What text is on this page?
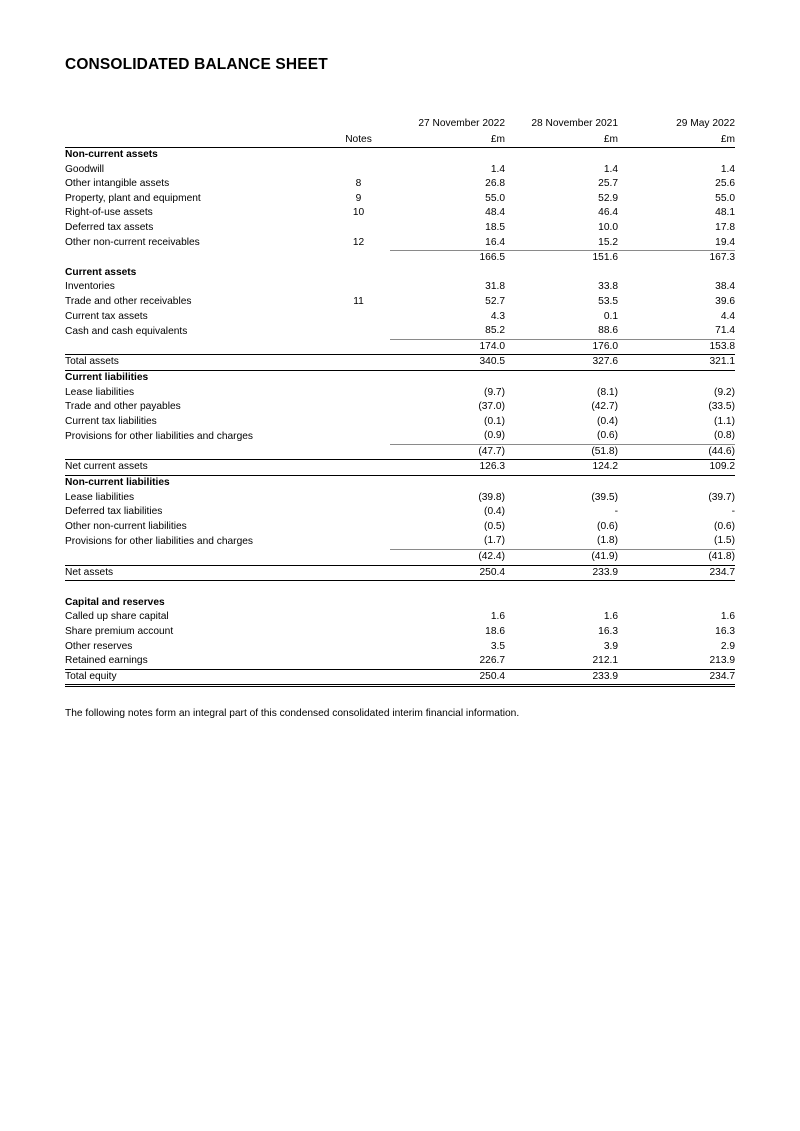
CONSOLIDATED BALANCE SHEET
		27 November 2022	28 November 2021	29 May 2022
	Notes	£m	£m	£m
Non-current assets				
Goodwill		1.4	1.4	1.4
Other intangible assets	8	26.8	25.7	25.6
Property, plant and equipment	9	55.0	52.9	55.0
Right-of-use assets	10	48.4	46.4	48.1
Deferred tax assets		18.5	10.0	17.8
Other non-current receivables	12	16.4	15.2	19.4
		166.5	151.6	167.3
Current assets				
Inventories		31.8	33.8	38.4
Trade and other receivables	11	52.7	53.5	39.6
Current tax assets		4.3	0.1	4.4
Cash and cash equivalents		85.2	88.6	71.4
		174.0	176.0	153.8
Total assets		340.5	327.6	321.1
Current liabilities				
Lease liabilities		(9.7)	(8.1)	(9.2)
Trade and other payables		(37.0)	(42.7)	(33.5)
Current tax liabilities		(0.1)	(0.4)	(1.1)
Provisions for other liabilities and charges		(0.9)	(0.6)	(0.8)
		(47.7)	(51.8)	(44.6)
Net current assets		126.3	124.2	109.2
Non-current liabilities				
Lease liabilities		(39.8)	(39.5)	(39.7)
Deferred tax liabilities		(0.4)	-	-
Other non-current liabilities		(0.5)	(0.6)	(0.6)
Provisions for other liabilities and charges		(1.7)	(1.8)	(1.5)
		(42.4)	(41.9)	(41.8)
Net assets		250.4	233.9	234.7

Capital and reserves				
Called up share capital		1.6	1.6	1.6
Share premium account		18.6	16.3	16.3
Other reserves		3.5	3.9	2.9
Retained earnings		226.7	212.1	213.9
Total equity		250.4	233.9	234.7
The following notes form an integral part of this condensed consolidated interim financial information.
